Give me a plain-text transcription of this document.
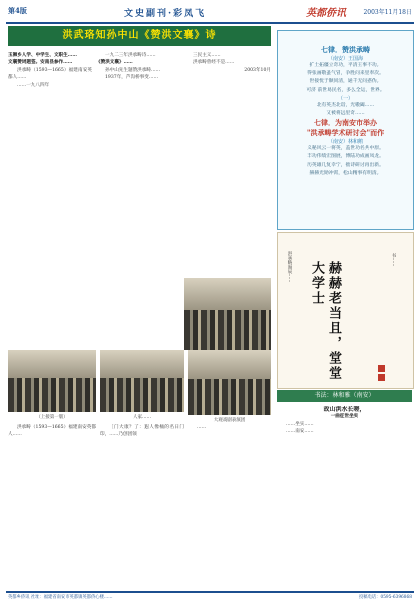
第4版	文史副刊·彩凤飞	英都侨讯	2003年11月18日
洪武珞知孙中山《赞洪文襄》诗

玉狮乡人学、中学生、文职生……

文襄赞词题签。安南县参作……

洪承畴（1593—1665）福建南安英都人……

……一九八四年

一九二三年洪承畴诗……

《赞洪文襄》……

孙中山先生题赞洪承畴……

1937年，芦沟桥事变……

三民主义……

洪承畴曾经不是……

2003年10月

（上接第一版）	人家……
大观戏剧表演团

洪承畴（1593—1665）福建南安英都人……

［门大康？了：遐人像桶的名日门印，……乃创团领

……

七律．赞洪承畴
（南安）王国海
扩土拓疆立奇功，平清王事不功。
得张画敬蚤气冒，争胜问来里奉次。
世接忧于顺同清，通千无问惑伪。
可济 前世易民名，多么全运，世界。
（一）
北有英杰北诣，光嗷阖……
又被将远里奇……
七律．为南安市举办
"洪承畴学术研讨会"而作
（南安）林和鹅
义秘风云一将英，盖世功名共中原。
丰功伟绩宏图展，博陆功成画凤龙。
历英雄几复幸宁，拙诗研讨再出新。
赫赫光勋冲霄，松山精事有明清。
赫赫老当且，堂堂大学士
洪承畴诞辰……	书……
书法：林和雅（南安）

故山洪水长嗟，

一曲征世坐实

……坐实……

……南安……

英都乡侨讯 社址：福建省南安市英都镇英都侨心楼……	投稿电话：0595-6396868
